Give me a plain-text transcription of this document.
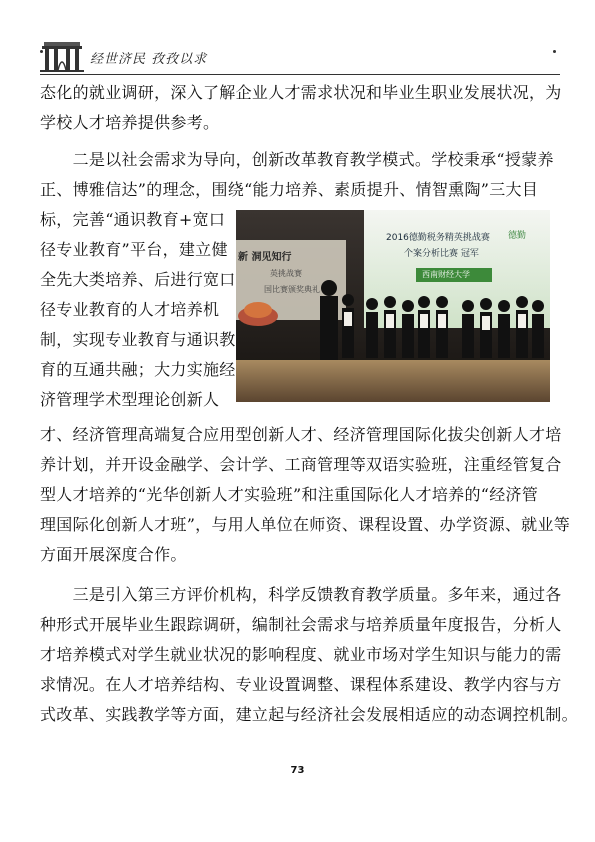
经世济民 孜孜以求
态化的就业调研，深入了解企业人才需求状况和毕业生职业发展状况，为
学校人才培养提供参考。
　　二是以社会需求为导向，创新改革教育教学模式。学校秉承“授蒙养
正、博雅信达”的理念，围绕“能力培养、素质提升、情智熏陶”三大目
标，完善“通识教育+宽口
径专业教育”平台，建立健
全先大类培养、后进行宽口
径专业教育的人才培养机
制，实现专业教育与通识教
育的互通共融；大力实施经
济管理学术型理论创新人
才、经济管理高端复合应用型创新人才、经济管理国际化拔尖创新人才培
养计划，并开设金融学、会计学、工商管理等双语实验班，注重经管复合
型人才培养的“光华创新人才实验班”和注重国际化人才培养的“经济管
理国际化创新人才班”，与用人单位在师资、课程设置、办学资源、就业等
方面开展深度合作。
　　三是引入第三方评价机构，科学反馈教育教学质量。多年来，通过各
种形式开展毕业生跟踪调研，编制社会需求与培养质量年度报告，分析人
才培养模式对学生就业状况的影响程度、就业市场对学生知识与能力的需
求情况。在人才培养结构、专业设置调整、课程体系建设、教学内容与方
式改革、实践教学等方面，建立起与经济社会发展相适应的动态调控机制。
2016德勤税务精英挑战赛
个案分析比赛 冠军
西南财经大学
德勤
新 洞见知行
英挑战赛
国比赛颁奖典礼
73
